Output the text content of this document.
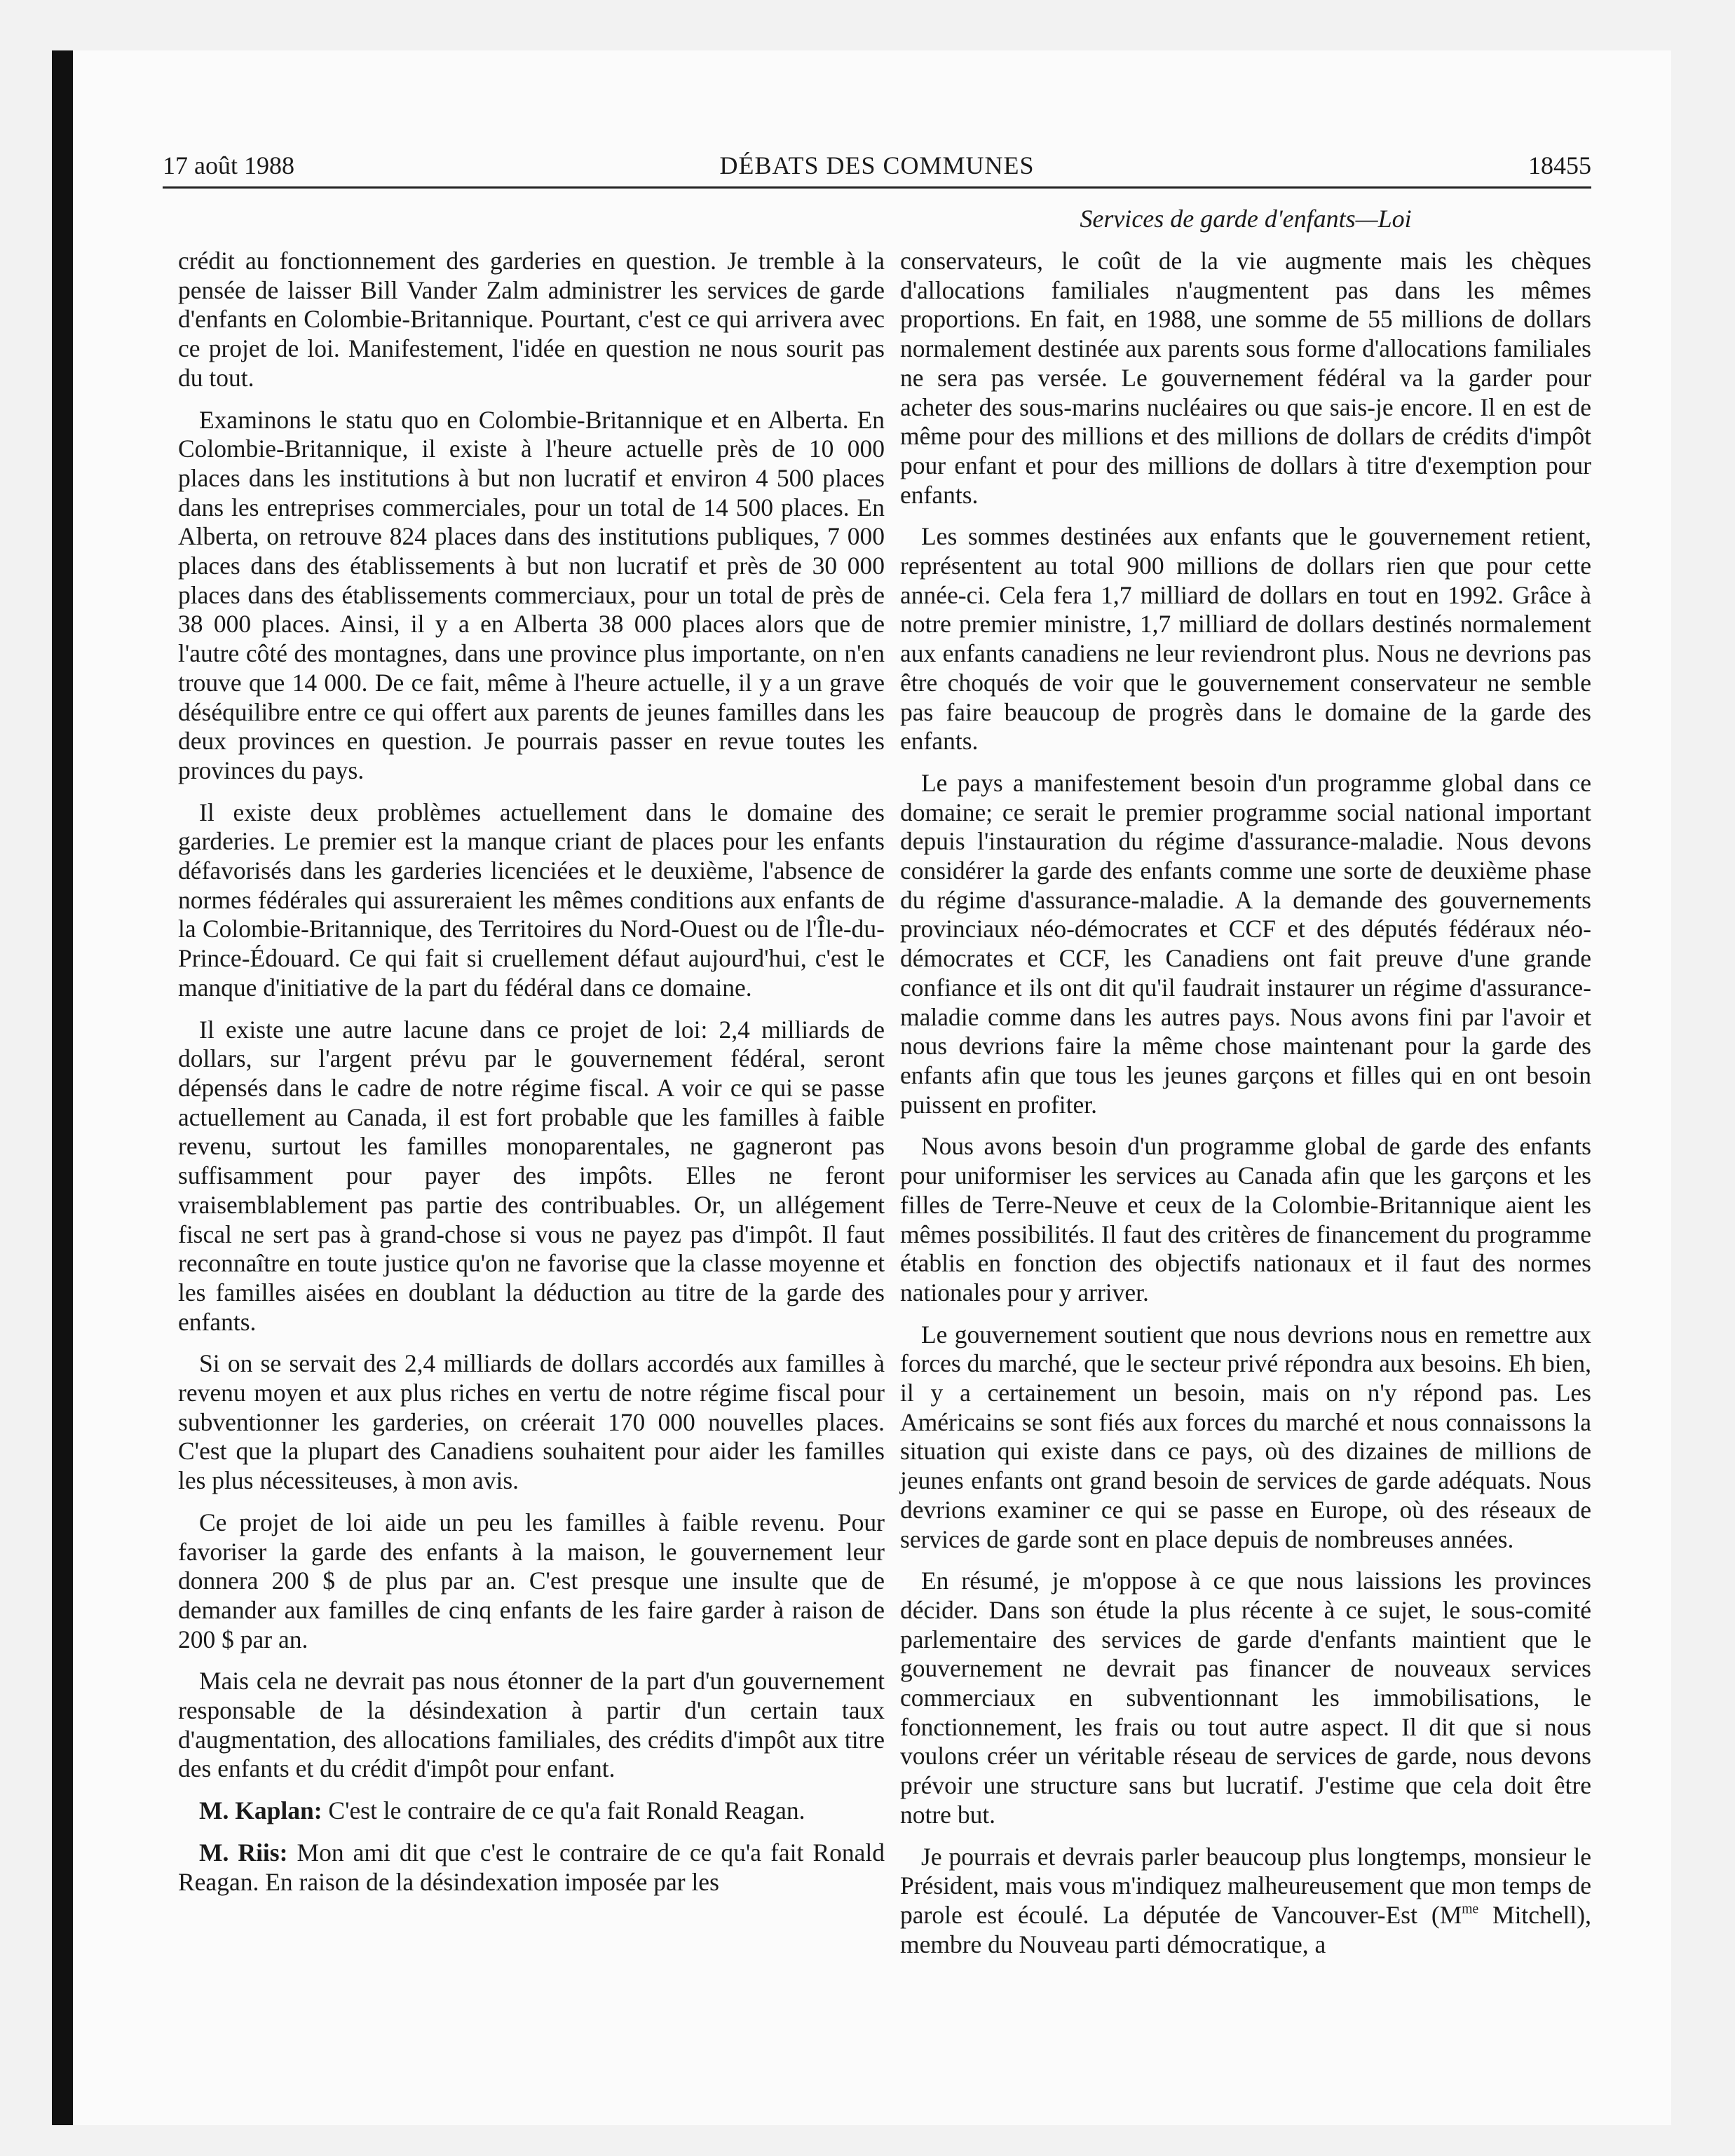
17 août 1988	DÉBATS DES COMMUNES	18455
Services de garde d'enfants—Loi

crédit au fonctionnement des garderies en question. Je tremble à la pensée de laisser Bill Vander Zalm administrer les services de garde d'enfants en Colombie-Britannique. Pourtant, c'est ce qui arrivera avec ce projet de loi. Manifestement, l'idée en question ne nous sourit pas du tout.

Examinons le statu quo en Colombie-Britannique et en Alberta. En Colombie-Britannique, il existe à l'heure actuelle près de 10 000 places dans les institutions à but non lucratif et environ 4 500 places dans les entreprises commerciales, pour un total de 14 500 places. En Alberta, on retrouve 824 places dans des institutions publiques, 7 000 places dans des établissements à but non lucratif et près de 30 000 places dans des établissements commerciaux, pour un total de près de 38 000 places. Ainsi, il y a en Alberta 38 000 places alors que de l'autre côté des montagnes, dans une province plus importante, on n'en trouve que 14 000. De ce fait, même à l'heure actuelle, il y a un grave déséquilibre entre ce qui offert aux parents de jeunes familles dans les deux provinces en question. Je pourrais passer en revue toutes les provinces du pays.

Il existe deux problèmes actuellement dans le domaine des garderies. Le premier est la manque criant de places pour les enfants défavorisés dans les garderies licenciées et le deuxième, l'absence de normes fédérales qui assureraient les mêmes conditions aux enfants de la Colombie-Britannique, des Territoires du Nord-Ouest ou de l'Île-du-Prince-Édouard. Ce qui fait si cruellement défaut aujourd'hui, c'est le manque d'initiative de la part du fédéral dans ce domaine.

Il existe une autre lacune dans ce projet de loi: 2,4 milliards de dollars, sur l'argent prévu par le gouvernement fédéral, seront dépensés dans le cadre de notre régime fiscal. A voir ce qui se passe actuellement au Canada, il est fort probable que les familles à faible revenu, surtout les familles monoparentales, ne gagneront pas suffisamment pour payer des impôts. Elles ne feront vraisemblablement pas partie des contribuables. Or, un allégement fiscal ne sert pas à grand-chose si vous ne payez pas d'impôt. Il faut reconnaître en toute justice qu'on ne favorise que la classe moyenne et les familles aisées en doublant la déduction au titre de la garde des enfants.

Si on se servait des 2,4 milliards de dollars accordés aux familles à revenu moyen et aux plus riches en vertu de notre régime fiscal pour subventionner les garderies, on créerait 170 000 nouvelles places. C'est que la plupart des Canadiens souhaitent pour aider les familles les plus nécessiteuses, à mon avis.

Ce projet de loi aide un peu les familles à faible revenu. Pour favoriser la garde des enfants à la maison, le gouvernement leur donnera 200 $ de plus par an. C'est presque une insulte que de demander aux familles de cinq enfants de les faire garder à raison de 200 $ par an.

Mais cela ne devrait pas nous étonner de la part d'un gouvernement responsable de la désindexation à partir d'un certain taux d'augmentation, des allocations familiales, des crédits d'impôt aux titre des enfants et du crédit d'impôt pour enfant.

M. Kaplan: C'est le contraire de ce qu'a fait Ronald Reagan.

M. Riis: Mon ami dit que c'est le contraire de ce qu'a fait Ronald Reagan. En raison de la désindexation imposée par les

conservateurs, le coût de la vie augmente mais les chèques d'allocations familiales n'augmentent pas dans les mêmes proportions. En fait, en 1988, une somme de 55 millions de dollars normalement destinée aux parents sous forme d'allocations familiales ne sera pas versée. Le gouvernement fédéral va la garder pour acheter des sous-marins nucléaires ou que sais-je encore. Il en est de même pour des millions et des millions de dollars de crédits d'impôt pour enfant et pour des millions de dollars à titre d'exemption pour enfants.

Les sommes destinées aux enfants que le gouvernement retient, représentent au total 900 millions de dollars rien que pour cette année-ci. Cela fera 1,7 milliard de dollars en tout en 1992. Grâce à notre premier ministre, 1,7 milliard de dollars destinés normalement aux enfants canadiens ne leur reviendront plus. Nous ne devrions pas être choqués de voir que le gouvernement conservateur ne semble pas faire beaucoup de progrès dans le domaine de la garde des enfants.

Le pays a manifestement besoin d'un programme global dans ce domaine; ce serait le premier programme social national important depuis l'instauration du régime d'assurance-maladie. Nous devons considérer la garde des enfants comme une sorte de deuxième phase du régime d'assurance-maladie. A la demande des gouvernements provinciaux néo-démocrates et CCF et des députés fédéraux néo-démocrates et CCF, les Canadiens ont fait preuve d'une grande confiance et ils ont dit qu'il faudrait instaurer un régime d'assurance-maladie comme dans les autres pays. Nous avons fini par l'avoir et nous devrions faire la même chose maintenant pour la garde des enfants afin que tous les jeunes garçons et filles qui en ont besoin puissent en profiter.

Nous avons besoin d'un programme global de garde des enfants pour uniformiser les services au Canada afin que les garçons et les filles de Terre-Neuve et ceux de la Colombie-Britannique aient les mêmes possibilités. Il faut des critères de financement du programme établis en fonction des objectifs nationaux et il faut des normes nationales pour y arriver.

Le gouvernement soutient que nous devrions nous en remettre aux forces du marché, que le secteur privé répondra aux besoins. Eh bien, il y a certainement un besoin, mais on n'y répond pas. Les Américains se sont fiés aux forces du marché et nous connaissons la situation qui existe dans ce pays, où des dizaines de millions de jeunes enfants ont grand besoin de services de garde adéquats. Nous devrions examiner ce qui se passe en Europe, où des réseaux de services de garde sont en place depuis de nombreuses années.

En résumé, je m'oppose à ce que nous laissions les provinces décider. Dans son étude la plus récente à ce sujet, le sous-comité parlementaire des services de garde d'enfants maintient que le gouvernement ne devrait pas financer de nouveaux services commerciaux en subventionnant les immobilisations, le fonctionnement, les frais ou tout autre aspect. Il dit que si nous voulons créer un véritable réseau de services de garde, nous devons prévoir une structure sans but lucratif. J'estime que cela doit être notre but.

Je pourrais et devrais parler beaucoup plus longtemps, monsieur le Président, mais vous m'indiquez malheureusement que mon temps de parole est écoulé. La députée de Vancouver-Est ($M^{me}$ Mitchell), membre du Nouveau parti démocratique, a
